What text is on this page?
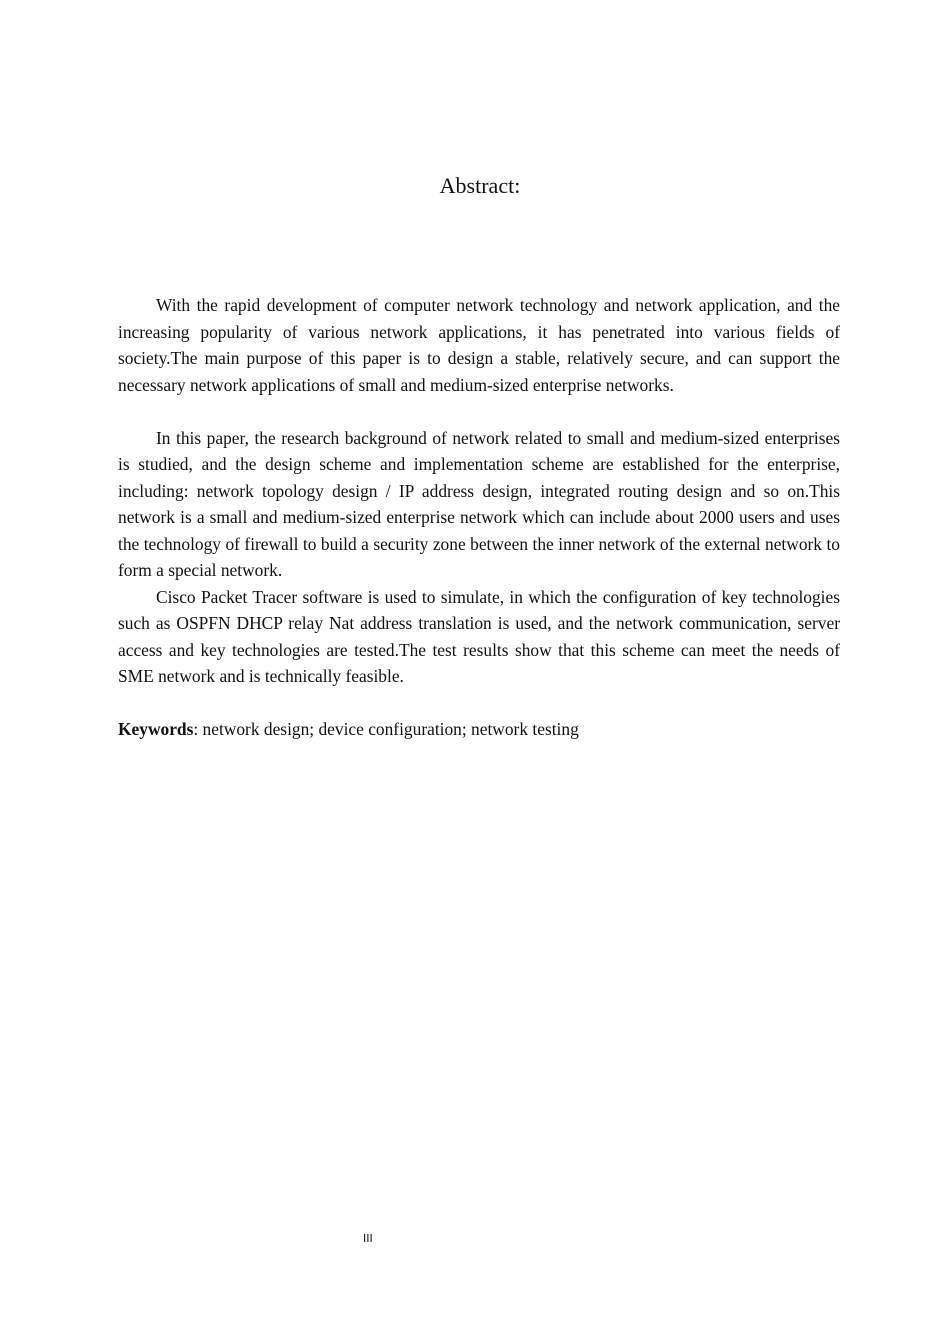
Abstract:

With the rapid development of computer network technology and network application, and the increasing popularity of various network applications, it has penetrated into various fields of society.The main purpose of this paper is to design a stable, relatively secure, and can support the necessary network applications of small and medium-sized enterprise networks.

In this paper, the research background of network related to small and medium-sized enterprises is studied, and the design scheme and implementation scheme are established for the enterprise, including: network topology design / IP address design, integrated routing design and so on.This network is a small and medium-sized enterprise network which can include about 2000 users and uses the technology of firewall to build a security zone between the inner network of the external network to form a special network.

Cisco Packet Tracer software is used to simulate, in which the configuration of key technologies such as OSPFN DHCP relay Nat address translation is used, and the network communication, server access and key technologies are tested.The test results show that this scheme can meet the needs of SME network and is technically feasible.

Keywords: network design; device configuration; network testing

III
